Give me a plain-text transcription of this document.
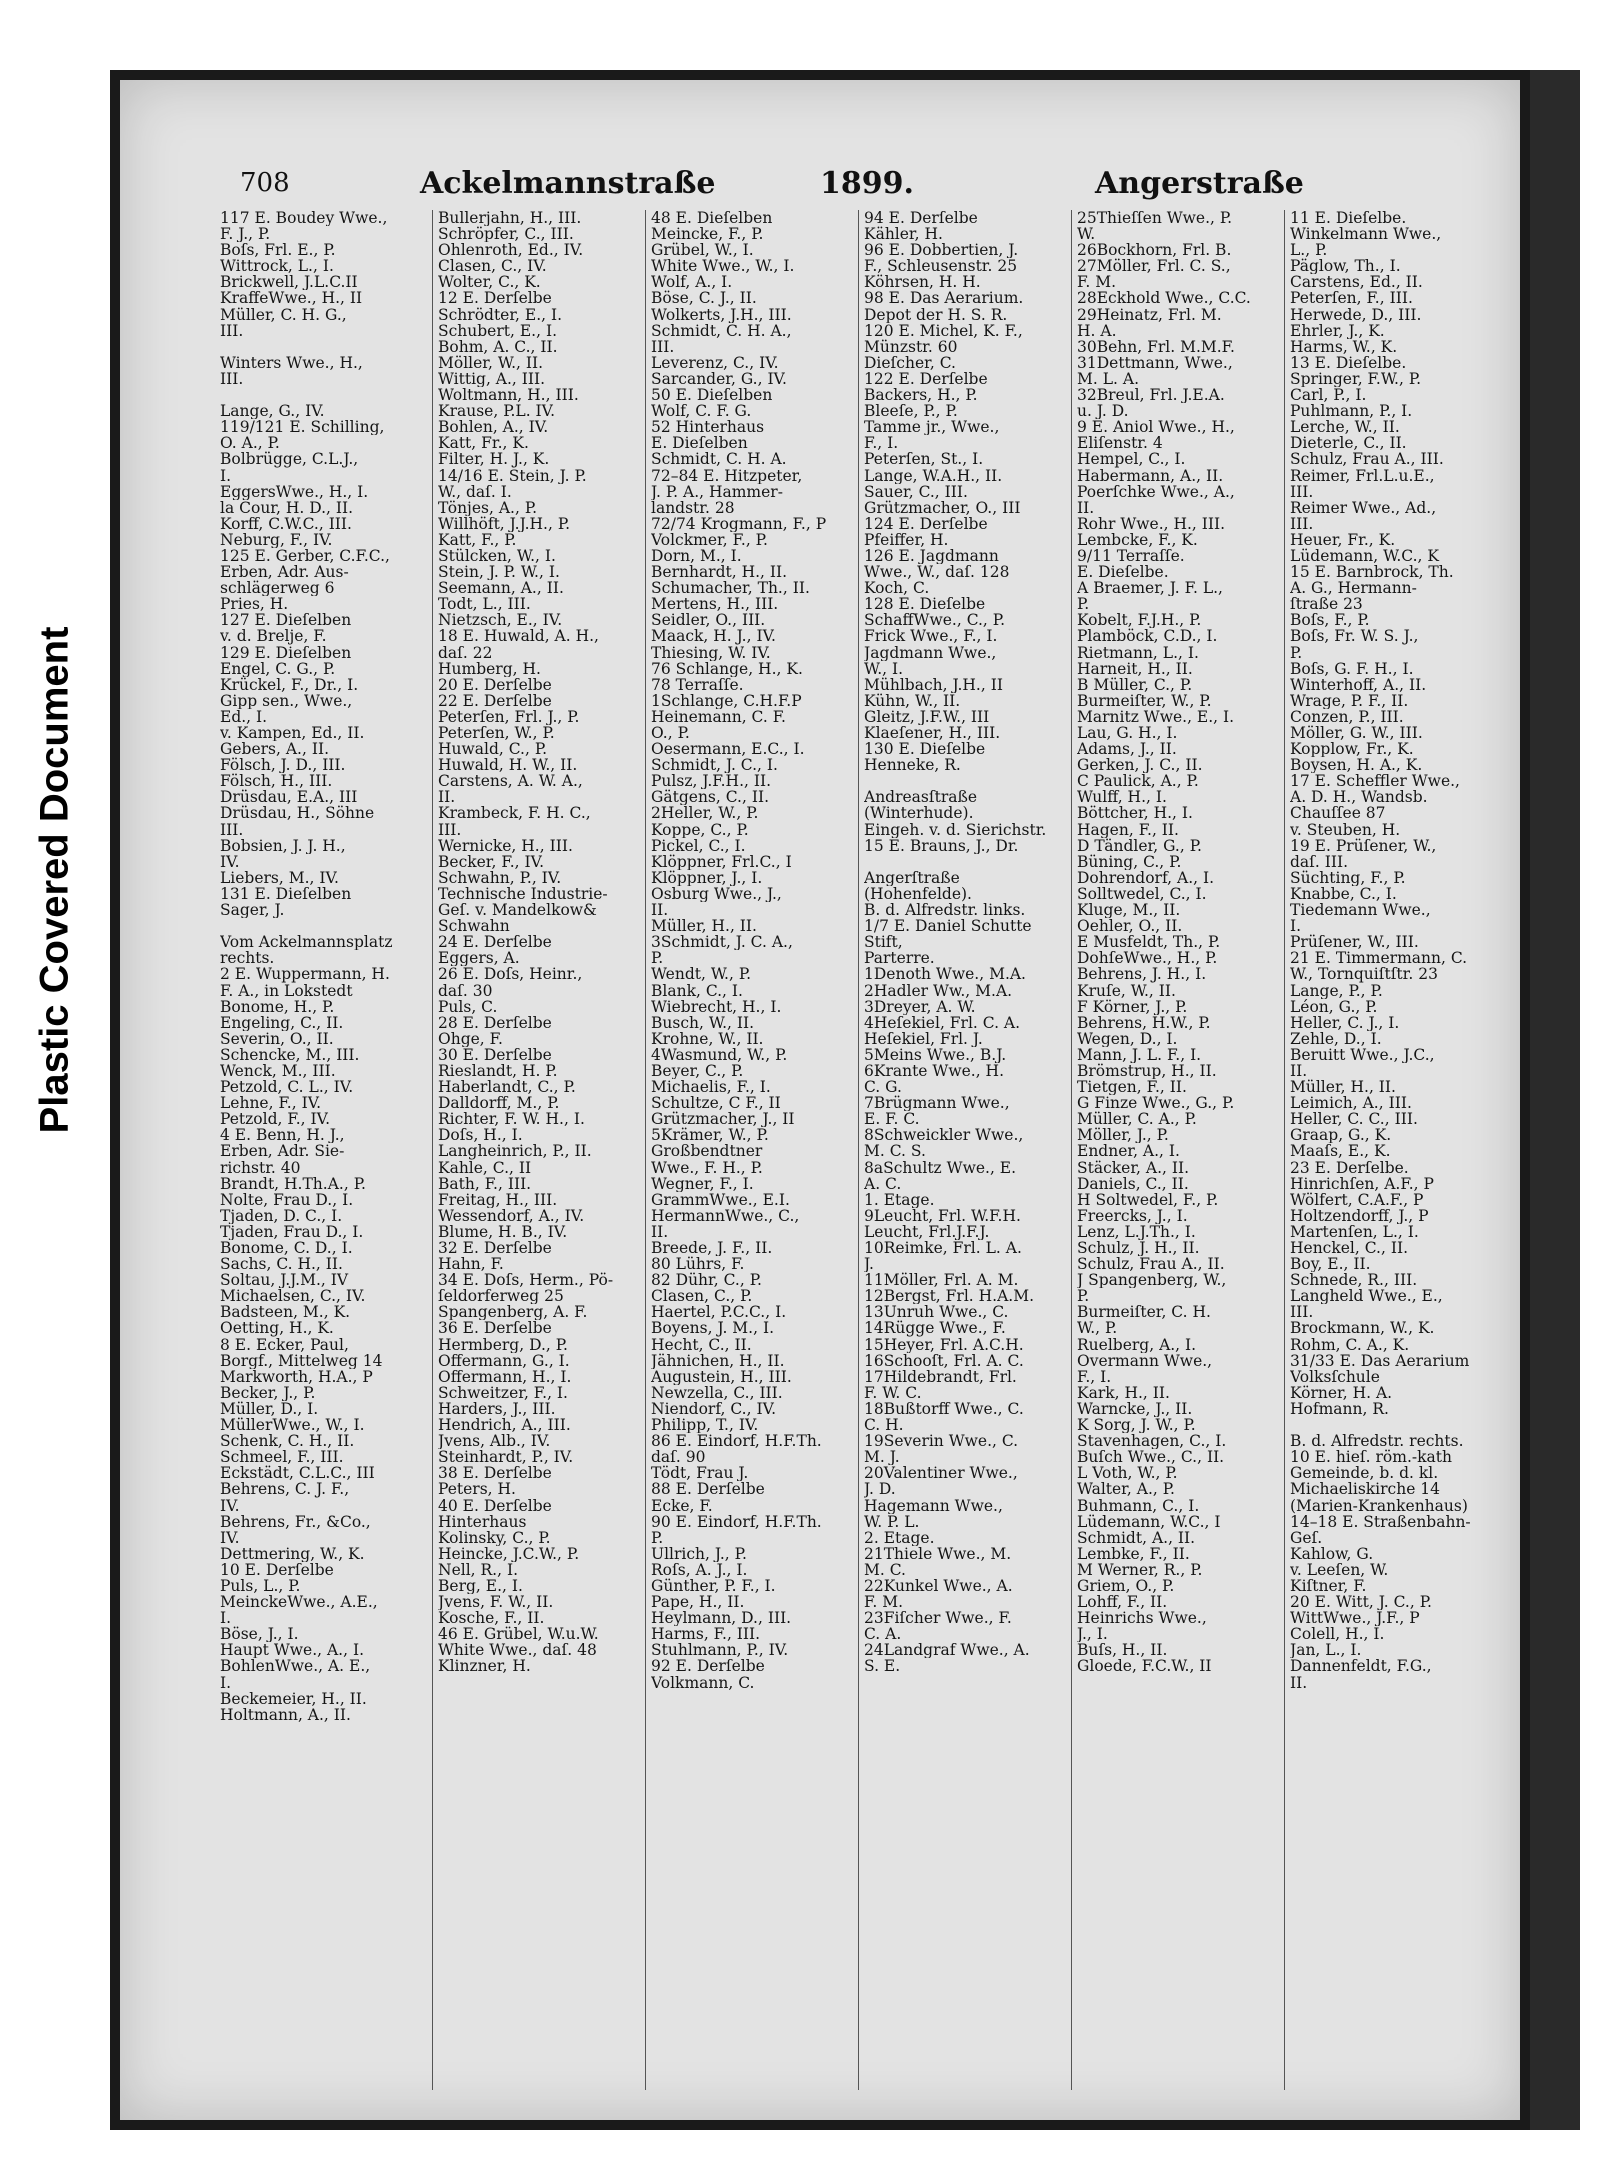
Plastic Covered Document
708	Ackelmannstraße	1899.	Angerstraße
117 E. Boudey Wwe.,
F. J., P.
Boſs, Frl. E., P.
Wittrock, L., I.
Brickwell, J.L.C.II
KraffeWwe., H., II
Müller, C. H. G.,
III.
Winters Wwe., H.,
III.
Lange, G., IV.
119/121 E. Schilling,
O. A., P.
Bolbrügge, C.L.J.,
I.
EggersWwe., H., I.
la Cour, H. D., II.
Korff, C.W.C., III.
Neburg, F., IV.
125 E. Gerber, C.F.C.,
Erben, Adr. Aus-
schlägerweg 6
Pries, H.
127 E. Dieſelben
v. d. Brelje, F.
129 E. Dieſelben
Engel, C. G., P.
Krückel, F., Dr., I.
Gipp sen., Wwe.,
Ed., I.
v. Kampen, Ed., II.
Gebers, A., II.
Fölsch, J. D., III.
Fölsch, H., III.
Drüsdau, E.A., III
Drüsdau, H., Söhne
III.
Bobsien, J. J. H.,
IV.
Liebers, M., IV.
131 E. Dieſelben
Sager, J.
Vom Ackelmannsplatz
rechts.
2 E. Wuppermann, H.
F. A., in Lokstedt
Bonome, H., P.
Engeling, C., II.
Severin, O., II.
Schencke, M., III.
Wenck, M., III.
Petzold, C. L., IV.
Lehne, F., IV.
Petzold, F., IV.
4 E. Benn, H. J.,
Erben, Adr. Sie-
richstr. 40
Brandt, H.Th.A., P.
Nolte, Frau D., I.
Tjaden, D. C., I.
Tjaden, Frau D., I.
Bonome, C. D., I.
Sachs, C. H., II.
Soltau, J.J.M., IV
Michaelsen, C., IV.
Badsteen, M., K.
Oetting, H., K.
8 E. Ecker, Paul,
Borgf., Mittelweg 14
Markworth, H.A., P
Becker, J., P.
Müller, D., I.
MüllerWwe., W., I.
Schenk, C. H., II.
Schmeel, F., III.
Eckstädt, C.L.C., III
Behrens, C. J. F.,
IV.
Behrens, Fr., &Co.,
IV.
Dettmering, W., K.
10 E. Derſelbe
Puls, L., P.
MeinckeWwe., A.E.,
I.
Böse, J., I.
Haupt Wwe., A., I.
BohlenWwe., A. E.,
I.
Beckemeier, H., II.
Holtmann, A., II.
Bullerjahn, H., III.
Schröpfer, C., III.
Ohlenroth, Ed., IV.
Clasen, C., IV.
Wolter, C., K.
12 E. Derſelbe
Schrödter, E., I.
Schubert, E., I.
Bohm, A. C., II.
Möller, W., II.
Wittig, A., III.
Woltmann, H., III.
Krause, P.L. IV.
Bohlen, A., IV.
Katt, Fr., K.
Filter, H. J., K.
14/16 E. Stein, J. P.
W., daſ. I.
Tönjes, A., P.
Willhöft, J.J.H., P.
Katt, F., P.
Stülcken, W., I.
Stein, J. P. W., I.
Seemann, A., II.
Todt, L., III.
Nietzsch, E., IV.
18 E. Huwald, A. H.,
daſ. 22
Humberg, H.
20 E. Derſelbe
22 E. Derſelbe
Peterſen, Frl. J., P.
Peterſen, W., P.
Huwald, C., P.
Huwald, H. W., II.
Carstens, A. W. A.,
II.
Krambeck, F. H. C.,
III.
Wernicke, H., III.
Becker, F., IV.
Schwahn, P., IV.
Technische Industrie-
Geſ. v. Mandelkow&
Schwahn
24 E. Derſelbe
Eggers, A.
26 E. Doſs, Heinr.,
daſ. 30
Puls, C.
28 E. Derſelbe
Ohge, F.
30 E. Derſelbe
Rieslandt, H. P.
Haberlandt, C., P.
Dalldorff, M., P.
Richter, F. W. H., I.
Doſs, H., I.
Langheinrich, P., II.
Kahle, C., II
Bath, F., III.
Freitag, H., III.
Wessendorf, A., IV.
Blume, H. B., IV.
32 E. Derſelbe
Hahn, F.
34 E. Doſs, Herm., Pö-
ſeldorferweg 25
Spangenberg, A. F.
36 E. Derſelbe
Hermberg, D., P.
Offermann, G., I.
Offermann, H., I.
Schweitzer, F., I.
Harders, J., III.
Hendrich, A., III.
Jvens, Alb., IV.
Steinhardt, P., IV.
38 E. Derſelbe
Peters, H.
40 E. Derſelbe
Hinterhaus
Kolinsky, C., P.
Heincke, J.C.W., P.
Nell, R., I.
Berg, E., I.
Jvens, F. W., II.
Kosche, F., II.
46 E. Grübel, W.u.W.
White Wwe., daſ. 48
Klinzner, H.
48 E. Dieſelben
Meincke, F., P.
Grübel, W., I.
White Wwe., W., I.
Wolf, A., I.
Böse, C. J., II.
Wolkerts, J.H., III.
Schmidt, C. H. A.,
III.
Leverenz, C., IV.
Sarcander, G., IV.
50 E. Dieſelben
Wolf, C. F. G.
52 Hinterhaus
E. Dieſelben
Schmidt, C. H. A.
72–84 E. Hitzpeter,
J. P. A., Hammer-
landstr. 28
72/74 Krogmann, F., P
Volckmer, F., P.
Dorn, M., I.
Bernhardt, H., II.
Schumacher, Th., II.
Mertens, H., III.
Seidler, O., III.
Maack, H. J., IV.
Thiesing, W. IV.
76 Schlange, H., K.
78 Terraſſe.
1Schlange, C.H.F.P
Heinemann, C. F.
O., P.
Oesermann, E.C., I.
Schmidt, J. C., I.
Pulsz, J.F.H., II.
Gätgens, C., II.
2Heller, W., P.
Koppe, C., P.
Pickel, C., I.
Klöppner, Frl.C., I
Klöppner, J., I.
Osburg Wwe., J.,
II.
Müller, H., II.
3Schmidt, J. C. A.,
P.
Wendt, W., P.
Blank, C., I.
Wiebrecht, H., I.
Busch, W., II.
Krohne, W., II.
4Wasmund, W., P.
Beyer, C., P.
Michaelis, F., I.
Schultze, C F., II
Grützmacher, J., II
5Krämer, W., P.
Großbendtner
Wwe., F. H., P.
Wegner, F., I.
GrammWwe., E.I.
HermannWwe., C.,
II.
Breede, J. F., II.
80 Lührs, F.
82 Dühr, C., P.
Clasen, C., P.
Haertel, P.C.C., I.
Boyens, J. M., I.
Hecht, C., II.
Jähnichen, H., II.
Augustein, H., III.
Newzella, C., III.
Niendorf, C., IV.
Philipp, T., IV.
86 E. Eindorf, H.F.Th.
daſ. 90
Tödt, Frau J.
88 E. Derſelbe
Ecke, F.
90 E. Eindorf, H.F.Th.
P.
Ullrich, J., P.
Roſs, A. J., I.
Günther, P. F., I.
Pape, H., II.
Heylmann, D., III.
Harms, F., III.
Stuhlmann, P., IV.
92 E. Derſelbe
Volkmann, C.
94 E. Derſelbe
Kähler, H.
96 E. Dobbertien, J.
F., Schleusenstr. 25
Köhrsen, H. H.
98 E. Das Aerarium.
Depot der H. S. R.
120 E. Michel, K. F.,
Münzstr. 60
Dieſcher, C.
122 E. Derſelbe
Backers, H., P.
Bleeſe, P., P.
Tamme jr., Wwe.,
F., I.
Peterſen, St., I.
Lange, W.A.H., II.
Sauer, C., III.
Grützmacher, O., III
124 E. Derſelbe
Pfeiffer, H.
126 E. Jagdmann
Wwe., W., daſ. 128
Koch, C.
128 E. Dieſelbe
SchaffWwe., C., P.
Frick Wwe., F., I.
Jagdmann Wwe.,
W., I.
Mühlbach, J.H., II
Kühn, W., II.
Gleitz, J.F.W., III
Klaeſener, H., III.
130 E. Dieſelbe
Henneke, R.
Andreasſtraße
(Winterhude).
Eingeh. v. d. Sierichstr.
15 E. Brauns, J., Dr.
Angerſtraße
(Hohenfelde).
B. d. Alfredstr. links.
1/7 E. Daniel Schutte
Stift,
Parterre.
1Denoth Wwe., M.A.
2Hadler Ww., M.A.
3Dreyer, A. W.
4Heſekiel, Frl. C. A.
Heſekiel, Frl. J.
5Meins Wwe., B.J.
6Krante Wwe., H.
C. G.
7Brügmann Wwe.,
E. F. C.
8Schweickler Wwe.,
M. C. S.
8aSchultz Wwe., E.
A. C.
1. Etage.
9Leucht, Frl. W.F.H.
Leucht, Frl.J.F.J.
10Reimke, Frl. L. A.
J.
11Möller, Frl. A. M.
12Bergst, Frl. H.A.M.
13Unruh Wwe., C.
14Rügge Wwe., F.
15Heyer, Frl. A.C.H.
16Schooſt, Frl. A. C.
17Hildebrandt, Frl.
F. W. C.
18Bußtorff Wwe., C.
C. H.
19Severin Wwe., C.
M. J.
20Valentiner Wwe.,
J. D.
Hagemann Wwe.,
W. P. L.
2. Etage.
21Thiele Wwe., M.
M. C.
22Kunkel Wwe., A.
F. M.
23Fiſcher Wwe., F.
C. A.
24Landgraf Wwe., A.
S. E.
25Thieſſen Wwe., P.
W.
26Bockhorn, Frl. B.
27Möller, Frl. C. S.,
F. M.
28Eckhold Wwe., C.C.
29Heinatz, Frl. M.
H. A.
30Behn, Frl. M.M.F.
31Dettmann, Wwe.,
M. L. A.
32Breul, Frl. J.E.A.
u. J. D.
9 E. Aniol Wwe., H.,
Eliſenstr. 4
Hempel, C., I.
Habermann, A., II.
Poerſchke Wwe., A.,
II.
Rohr Wwe., H., III.
Lembcke, F., K.
9/11 Terraſſe.
E. Dieſelbe.
A Braemer, J. F. L.,
P.
Kobelt, F.J.H., P.
Plamböck, C.D., I.
Rietmann, L., I.
Harneit, H., II.
B Müller, C., P.
Burmeiſter, W., P.
Marnitz Wwe., E., I.
Lau, G. H., I.
Adams, J., II.
Gerken, J. C., II.
C Paulick, A., P.
Wulff, H., I.
Böttcher, H., I.
Hagen, F., II.
D Tändler, G., P.
Büning, C., P.
Dohrendorf, A., I.
Solltwedel, C., I.
Kluge, M., II.
Oehler, O., II.
E Musfeldt, Th., P.
DohſeWwe., H., P.
Behrens, J. H., I.
Kruſe, W., II.
F Körner, J., P.
Behrens, H.W., P.
Wegen, D., I.
Mann, J. L. F., I.
Brömstrup, H., II.
Tietgen, F., II.
G Finze Wwe., G., P.
Müller, C. A., P.
Möller, J., P.
Endner, A., I.
Stäcker, A., II.
Daniels, C., II.
H Soltwedel, F., P.
Freercks, J., I.
Lenz, L.J.Th., I.
Schulz, J. H., II.
Schulz, Frau A., II.
J Spangenberg, W.,
P.
Burmeiſter, C. H.
W., P.
Ruelberg, A., I.
Overmann Wwe.,
F., I.
Kark, H., II.
Warncke, J., II.
K Sorg, J. W., P.
Stavenhagen, C., I.
Buſch Wwe., C., II.
L Voth, W., P.
Walter, A., P.
Buhmann, C., I.
Lüdemann, W.C., I
Schmidt, A., II.
Lembke, F., II.
M Werner, R., P.
Griem, O., P.
Lohff, F., II.
Heinrichs Wwe.,
J., I.
Buſs, H., II.
Gloede, F.C.W., II
11 E. Dieſelbe.
Winkelmann Wwe.,
L., P.
Päglow, Th., I.
Carstens, Ed., II.
Peterſen, F., III.
Herwede, D., III.
Ehrler, J., K.
Harms, W., K.
13 E. Dieſelbe.
Springer, F.W., P.
Carl, P., I.
Puhlmann, P., I.
Lerche, W., II.
Dieterle, C., II.
Schulz, Frau A., III.
Reimer, Frl.L.u.E.,
III.
Reimer Wwe., Ad.,
III.
Heuer, Fr., K.
Lüdemann, W.C., K
15 E. Barnbrock, Th.
A. G., Hermann-
ſtraße 23
Boſs, F., P.
Boſs, Fr. W. S. J.,
P.
Boſs, G. F. H., I.
Winterhoff, A., II.
Wrage, P. F., II.
Conzen, P., III.
Möller, G. W., III.
Kopplow, Fr., K.
Boysen, H. A., K.
17 E. Scheffler Wwe.,
A. D. H., Wandsb.
Chauſſee 87
v. Steuben, H.
19 E. Prüſener, W.,
daſ. III.
Süchting, F., P.
Knabbe, C., I.
Tiedemann Wwe.,
I.
Prüſener, W., III.
21 E. Timmermann, C.
W., Tornquiſtſtr. 23
Lange, P., P.
Léon, G., P.
Heller, C. J., I.
Zehle, D., I.
Beruitt Wwe., J.C.,
II.
Müller, H., II.
Leimich, A., III.
Heller, C. C., III.
Graap, G., K.
Maaſs, E., K.
23 E. Derſelbe.
Hinrichſen, A.F., P
Wölfert, C.A.F., P
Holtzendorff, J., P
Martenſen, L., I.
Henckel, C., II.
Boy, E., II.
Schnede, R., III.
Langheld Wwe., E.,
III.
Brockmann, W., K.
Rohm, C. A., K.
31/33 E. Das Aerarium
Volksſchule
Körner, H. A.
Hofmann, R.
B. d. Alfredstr. rechts.
10 E. hieſ. röm.-kath
Gemeinde, b. d. kl.
Michaeliskirche 14
(Marien-Krankenhaus)
14–18 E. Straßenbahn-
Geſ.
Kahlow, G.
v. Leeſen, W.
Kiſtner, F.
20 E. Witt, J. C., P.
WittWwe., J.F., P
Colell, H., I.
Jan, L., I.
Dannenfeldt, F.G.,
II.
